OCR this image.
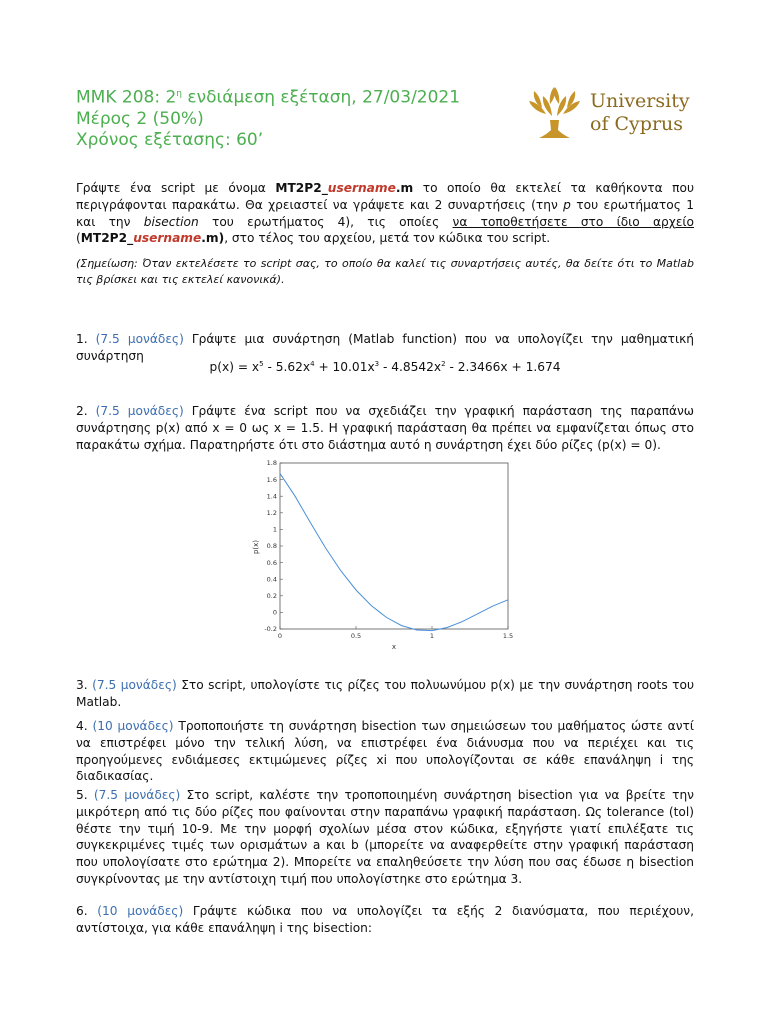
ΜΜΚ 208: $2^\eta$ ενδιάμεση εξέταση, 27/03/2021

Μέρος 2 (50%)

Χρόνος εξέτασης: 60’

University
of Cyprus

Γράψτε ένα script με όνομα MT2P2_username.m το οποίο θα εκτελεί τα καθήκοντα που περιγράφονται παρακάτω. Θα χρειαστεί να γράψετε και 2 συναρτήσεις (την p του ερωτήματος 1 και την bisection του ερωτήματος 4), τις οποίες να τοποθετήσετε στο ίδιο αρχείο (MT2P2_username.m), στο τέλος του αρχείου, μετά τον κώδικα του script.

(Σημείωση: Όταν εκτελέσετε το script σας, το οποίο θα καλεί τις συναρτήσεις αυτές, θα δείτε ότι το Matlab τις βρίσκει και τις εκτελεί κανονικά).

1. (7.5 μονάδες) Γράψτε μια συνάρτηση (Matlab function) που να υπολογίζει την μαθηματική συνάρτηση

$p(x) = x^5 - 5.62x^4 + 10.01x^3 - 4.8542x^2 - 2.3466x + 1.674$

2. (7.5 μονάδες) Γράψτε ένα script που να σχεδιάζει την γραφική παράσταση της παραπάνω συνάρτησης p(x) από x = 0 ως x = 1.5. Η γραφική παράσταση θα πρέπει να εμφανίζεται όπως στο παρακάτω σχήμα. Παρατηρήστε ότι στο διάστημα αυτό η συνάρτηση έχει δύο ρίζες (p(x) = 0).

0	0.5	1	1.5
-0.2
0
0.2
0.4
0.6
0.8
1
1.2
1.4
1.6
1.8
x
p(x)

3. (7.5 μονάδες) Στο script, υπολογίστε τις ρίζες του πολυωνύμου p(x) με την συνάρτηση roots του Matlab.

4. (10 μονάδες) Τροποποιήστε τη συνάρτηση bisection των σημειώσεων του μαθήματος ώστε αντί να επιστρέφει μόνο την τελική λύση, να επιστρέφει ένα διάνυσμα που να περιέχει και τις προηγούμενες ενδιάμεσες εκτιμώμενες ρίζες xi που υπολογίζονται σε κάθε επανάληψη i της διαδικασίας.

5. (7.5 μονάδες) Στο script, καλέστε την τροποποιημένη συνάρτηση bisection για να βρείτε την μικρότερη από τις δύο ρίζες που φαίνονται στην παραπάνω γραφική παράσταση. Ως tolerance (tol) θέστε την τιμή 10-9. Με την μορφή σχολίων μέσα στον κώδικα, εξηγήστε γιατί επιλέξατε τις συγκεκριμένες τιμές των ορισμάτων a και b (μπορείτε να αναφερθείτε στην γραφική παράσταση που υπολογίσατε στο ερώτημα 2). Μπορείτε να επαληθεύσετε την λύση που σας έδωσε η bisection συγκρίνοντας με την αντίστοιχη τιμή που υπολογίστηκε στο ερώτημα 3.

6. (10 μονάδες) Γράψτε κώδικα που να υπολογίζει τα εξής 2 διανύσματα, που περιέχουν, αντίστοιχα, για κάθε επανάληψη i της bisection:
